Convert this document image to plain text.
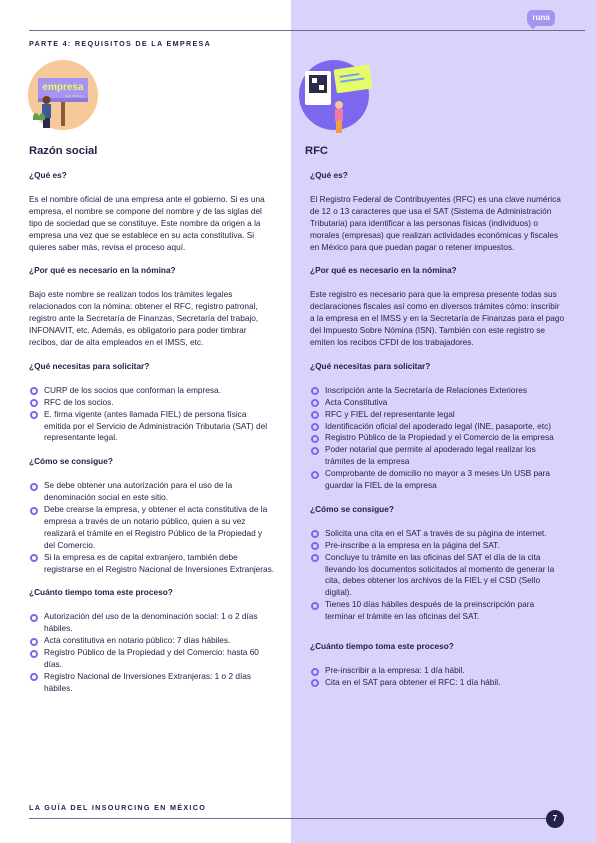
PARTE 4: REQUISITOS DE LA EMPRESA
runa
empresa
s.a. de c.v.
Razón social
¿Qué es?
Es el nombre oficial de una empresa ante el gobierno. Si es una empresa, el nombre se compone del nombre y de las siglas del tipo de sociedad que se constituye. Este nombre da origen a la empresa una vez que se establece en su acta constitutiva. Si quieres saber más, revisa el proceso aquí.
¿Por qué es necesario en la nómina?
Bajo este nombre se realizan todos los trámites legales relacionados con la nómina: obtener el RFC, registro patronal, registro ante la Secretaría de Finanzas, Secretaría del trabajo, INFONAVIT, etc. Además, es obligatorio para poder timbrar recibos, dar de alta empleados en el IMSS, etc.
¿Qué necesitas para solicitar?
CURP de los socios que conforman la empresa.
RFC de los socios.
E. firma vigente (antes llamada FIEL) de persona física emitida por el Servicio de Administración Tributaria (SAT) del representante legal.
¿Cómo se consigue?
Se debe obtener una autorización para el uso de la denominación social en este sitio.
Debe crearse la empresa, y obtener el acta constitutiva de la empresa a través de un notario público, quien a su vez realizará el trámite en el Registro Público de la Propiedad y del Comercio.
Si la empresa es de capital extranjero, también debe registrarse en el Registro Nacional de Inversiones Extranjeras.
¿Cuánto tiempo toma este proceso?
Autorización del uso de la denominación social: 1 o 2 días hábiles.
Acta constitutiva en notario público: 7 días hábiles.
Registro Público de la Propiedad y del Comercio: hasta 60 días.
Registro Nacional de Inversiones Extranjeras: 1 o 2 días hábiles.
RFC
¿Qué es?
El Registro Federal de Contribuyentes (RFC) es una clave numérica de 12 o 13 caracteres que usa el SAT (Sistema de Administración Tributaria) para identificar a las personas físicas (individuos) o morales (empresas) que realizan actividades económicas y fiscales en México para que puedan pagar o retener impuestos.
¿Por qué es necesario en la nómina?
Este registro es necesario para que la empresa presente todas sus declaraciones fiscales así como en diversos trámites cómo: inscribir a la empresa en el IMSS y en la Secretaría de Finanzas para el pago del Impuesto Sobre Nómina (ISN). También con este registro se emiten los recibos CFDI de los trabajadores.
¿Qué necesitas para solicitar?
Inscripción ante la Secretaría de Relaciones Exteriores
Acta Constitutiva
RFC y FIEL del representante legal
Identificación oficial del apoderado legal (INE, pasaporte, etc)
Registro Público de la Propiedad y el Comercio de la empresa
Poder notarial que permite al apoderado legal realizar los trámites de la empresa
Comprobante de domicilio no mayor a 3 meses Un USB para guardar la FIEL de la empresa
¿Cómo se consigue?
Solicita una cita en el SAT a través de su página de internet.
Pre-inscribe a la empresa en la página del SAT.
Concluye tu trámite en las oficinas del SAT el día de la cita llevando los documentos solicitados al momento de generar la cita, debes obtener los archivos de la FIEL y el CSD (Sello digital).
Tienes 10 días hábiles después de la preinscripción para terminar el trámite en las oficinas del SAT.
¿Cuánto tiempo toma este proceso?
Pre-inscribir a la empresa: 1 día hábil.
Cita en el SAT para obtener el RFC: 1 día hábil.
LA GUÍA DEL INSOURCING EN MÉXICO
7
